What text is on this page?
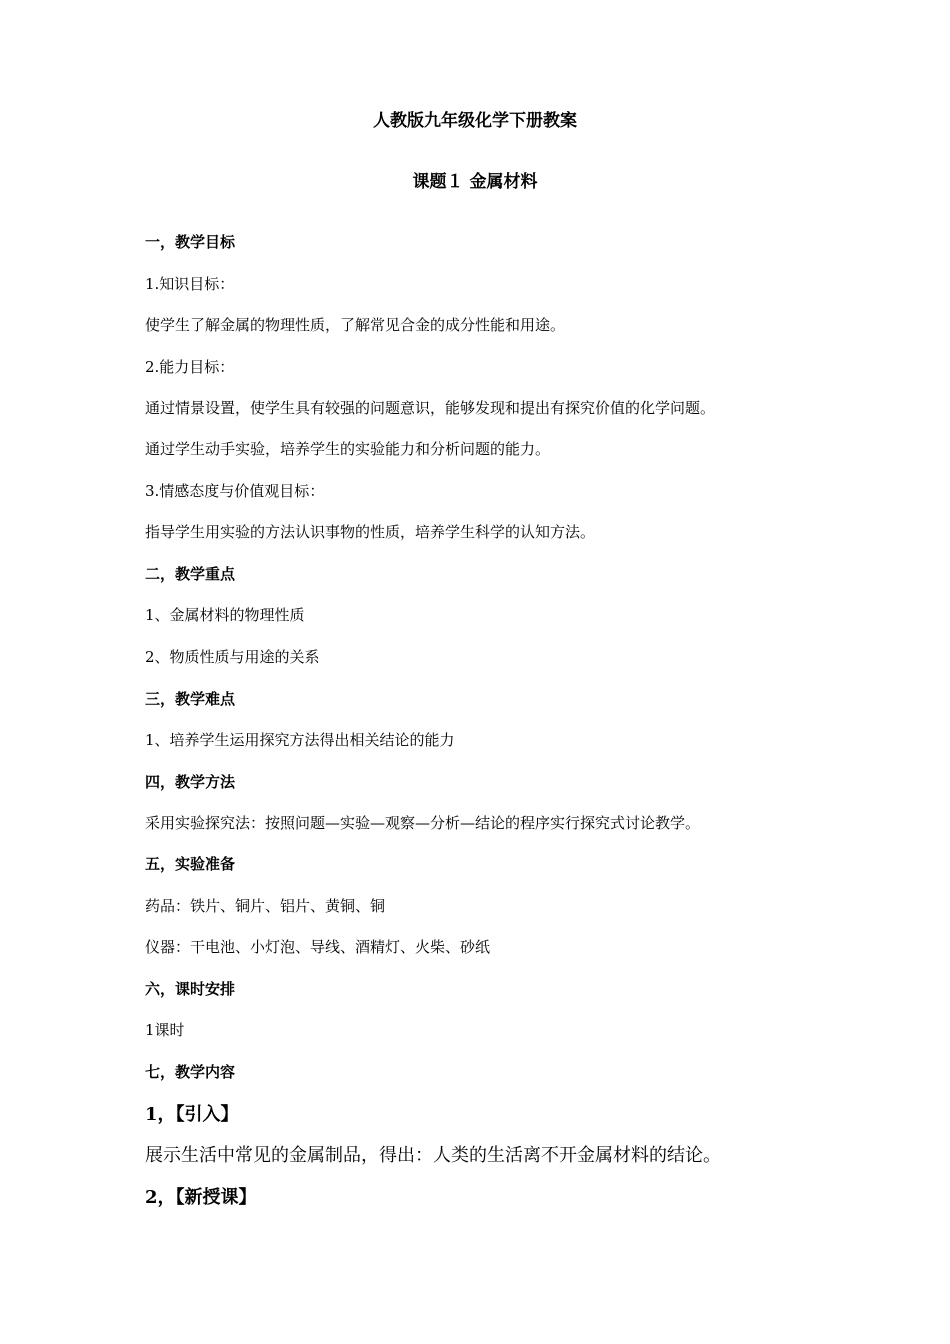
人教版九年级化学下册教案
课题１ 金属材料
一，教学目标
1.知识目标：
使学生了解金属的物理性质，了解常见合金的成分性能和用途。
2.能力目标：
通过情景设置，使学生具有较强的问题意识，能够发现和提出有探究价值的化学问题。
通过学生动手实验，培养学生的实验能力和分析问题的能力。
3.情感态度与价值观目标：
指导学生用实验的方法认识事物的性质，培养学生科学的认知方法。
二，教学重点
1、金属材料的物理性质
2、物质性质与用途的关系
三，教学难点
1、培养学生运用探究方法得出相关结论的能力
四，教学方法
采用实验探究法：按照问题—实验—观察—分析—结论的程序实行探究式讨论教学。
五，实验准备
药品：铁片、铜片、铝片、黄铜、铜
仪器：干电池、小灯泡、导线、酒精灯、火柴、砂纸
六，课时安排
1课时
七，教学内容
1，【引入】
展示生活中常见的金属制品，得出：人类的生活离不开金属材料的结论。
2，【新授课】
